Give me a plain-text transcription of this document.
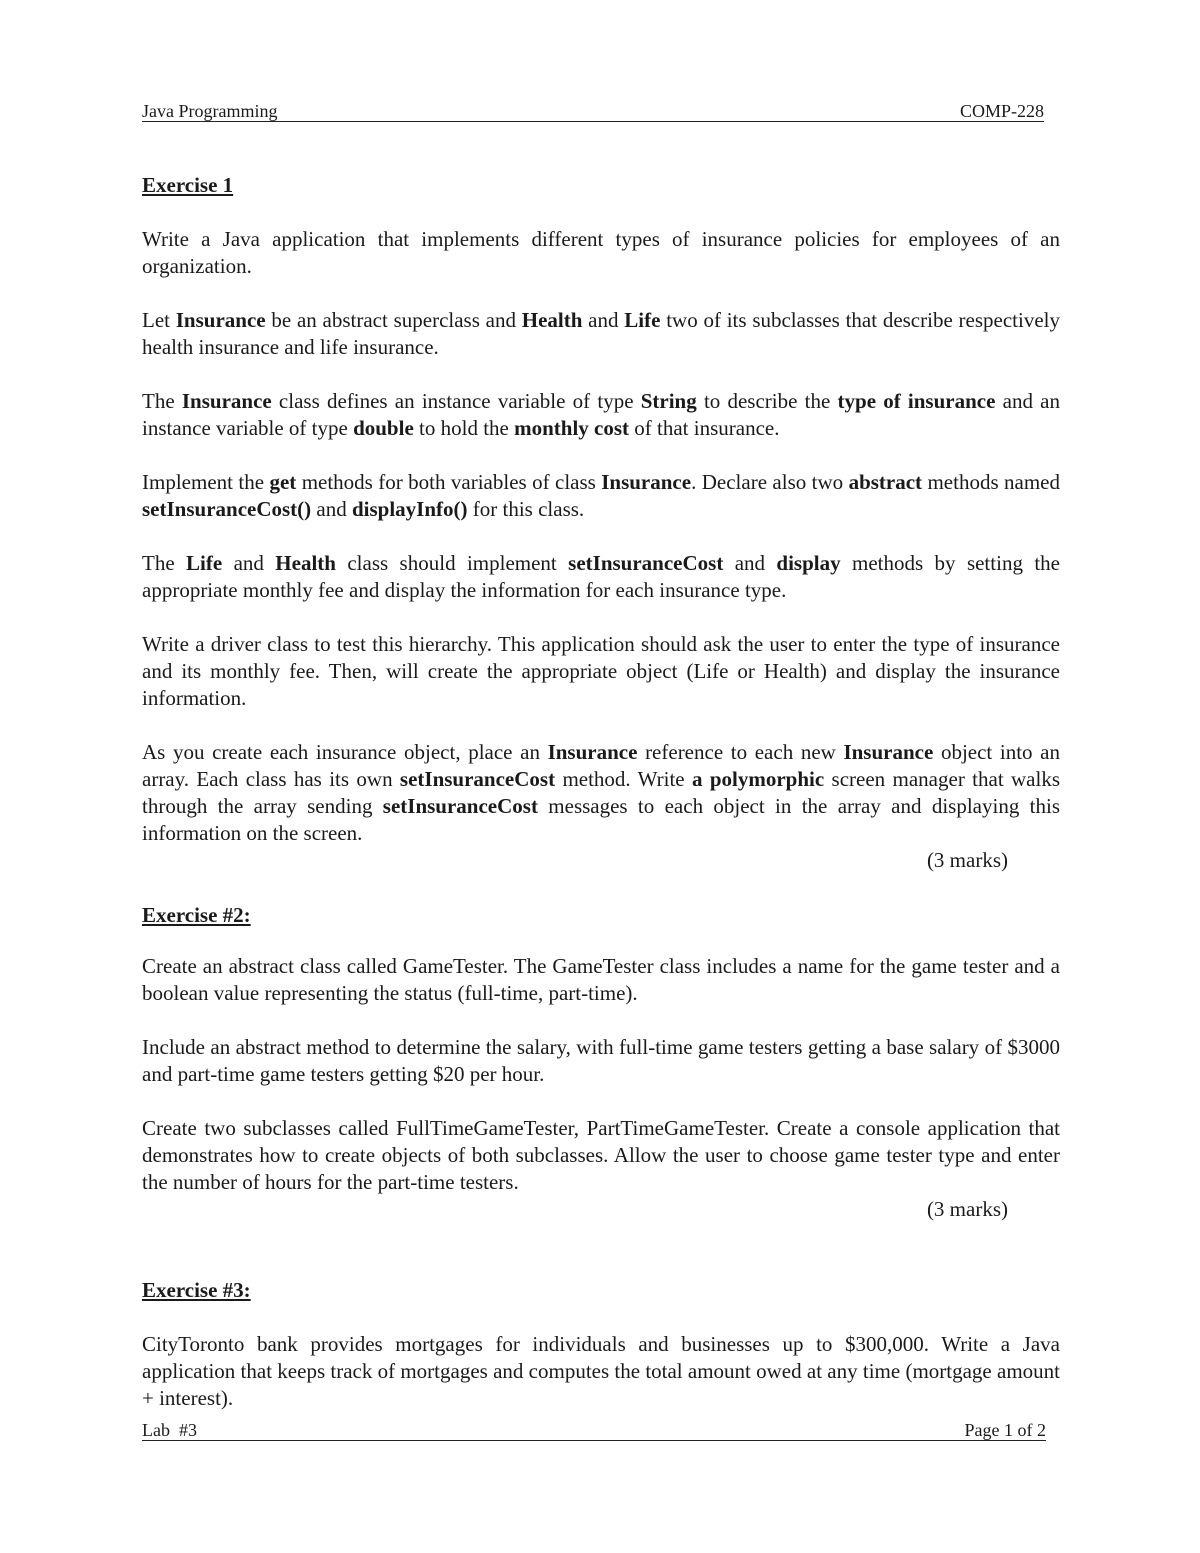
Java Programming	COMP-228

Exercise 1

Write a Java application that implements different types of insurance policies for employees of an organization.

Let Insurance be an abstract superclass and Health and Life two of its subclasses that describe respectively health insurance and life insurance.

The Insurance class defines an instance variable of type String to describe the type of insurance and an instance variable of type double to hold the monthly cost of that insurance.

Implement the get methods for both variables of class Insurance. Declare also two abstract methods named setInsuranceCost() and displayInfo() for this class.

The Life and Health class should implement setInsuranceCost and display methods by setting the appropriate monthly fee and display the information for each insurance type.

Write a driver class to test this hierarchy. This application should ask the user to enter the type of insurance and its monthly fee. Then, will create the appropriate object (Life or Health) and display the insurance information.

As you create each insurance object, place an Insurance reference to each new Insurance object into an array. Each class has its own setInsuranceCost method. Write a polymorphic screen manager that walks through the array sending setInsuranceCost messages to each object in the array and displaying this information on the screen.

(3 marks)

Exercise #2:

Create an abstract class called GameTester. The GameTester class includes a name for the game tester and a boolean value representing the status (full-time, part-time).

Include an abstract method to determine the salary, with full-time game testers getting a base salary of $3000 and part-time game testers getting $20 per hour.

Create two subclasses called FullTimeGameTester, PartTimeGameTester. Create a console application that demonstrates how to create objects of both subclasses. Allow the user to choose game tester type and enter the number of hours for the part-time testers.

(3 marks)

Exercise #3:

CityToronto bank provides mortgages for individuals and businesses up to $300,000. Write a Java application that keeps track of mortgages and computes the total amount owed at any time (mortgage amount + interest).

Lab  #3	Page 1 of 2
